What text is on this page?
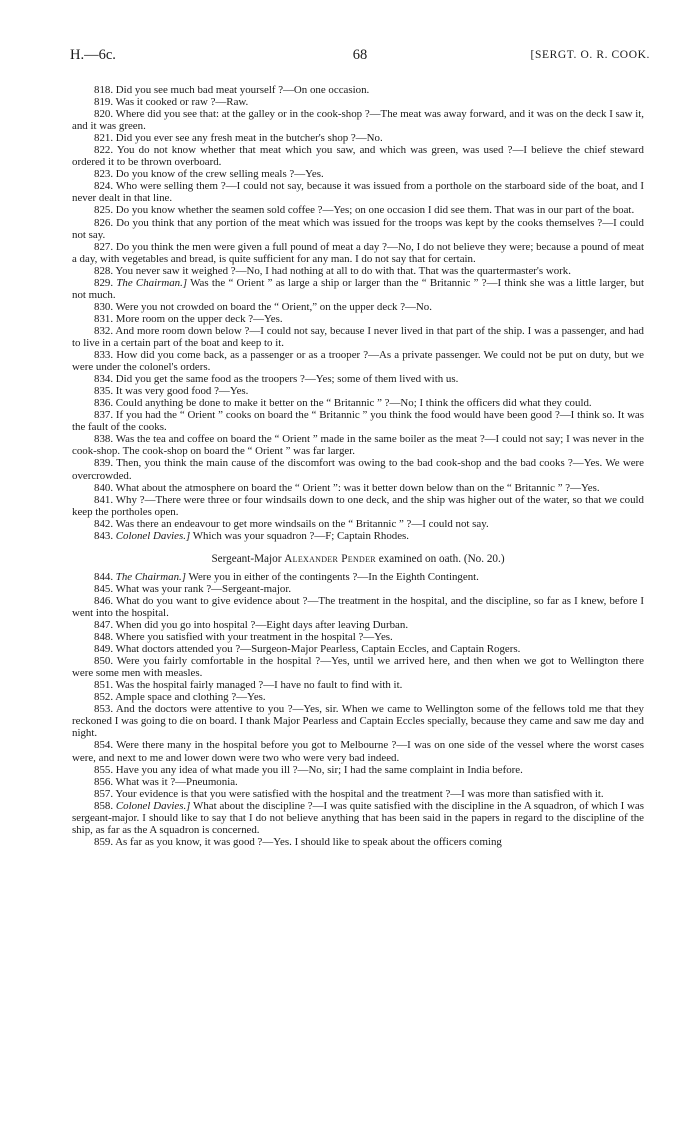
H.—6c.	68	[SERGT. O. R. COOK.

818. Did you see much bad meat yourself ?—On one occasion.

819. Was it cooked or raw ?—Raw.

820. Where did you see that: at the galley or in the cook-shop ?—The meat was away forward, and it was on the deck I saw it, and it was green.

821. Did you ever see any fresh meat in the butcher's shop ?—No.

822. You do not know whether that meat which you saw, and which was green, was used ?—I believe the chief steward ordered it to be thrown overboard.

823. Do you know of the crew selling meals ?—Yes.

824. Who were selling them ?—I could not say, because it was issued from a porthole on the starboard side of the boat, and I never dealt in that line.

825. Do you know whether the seamen sold coffee ?—Yes; on one occasion I did see them. That was in our part of the boat.

826. Do you think that any portion of the meat which was issued for the troops was kept by the cooks themselves ?—I could not say.

827. Do you think the men were given a full pound of meat a day ?—No, I do not believe they were; because a pound of meat a day, with vegetables and bread, is quite sufficient for any man. I do not say that for certain.

828. You never saw it weighed ?—No, I had nothing at all to do with that. That was the quartermaster's work.

829. The Chairman.] Was the “ Orient ” as large a ship or larger than the “ Britannic ” ?—I think she was a little larger, but not much.

830. Were you not crowded on board the “ Orient,” on the upper deck ?—No.

831. More room on the upper deck ?—Yes.

832. And more room down below ?—I could not say, because I never lived in that part of the ship. I was a passenger, and had to live in a certain part of the boat and keep to it.

833. How did you come back, as a passenger or as a trooper ?—As a private passenger. We could not be put on duty, but we were under the colonel's orders.

834. Did you get the same food as the troopers ?—Yes; some of them lived with us.

835. It was very good food ?—Yes.

836. Could anything be done to make it better on the “ Britannic ” ?—No; I think the officers did what they could.

837. If you had the “ Orient ” cooks on board the “ Britannic ” you think the food would have been good ?—I think so. It was the fault of the cooks.

838. Was the tea and coffee on board the “ Orient ” made in the same boiler as the meat ?—I could not say; I was never in the cook-shop. The cook-shop on board the “ Orient ” was far larger.

839. Then, you think the main cause of the discomfort was owing to the bad cook-shop and the bad cooks ?—Yes. We were overcrowded.

840. What about the atmosphere on board the “ Orient ”: was it better down below than on the “ Britannic ” ?—Yes.

841. Why ?—There were three or four windsails down to one deck, and the ship was higher out of the water, so that we could keep the portholes open.

842. Was there an endeavour to get more windsails on the “ Britannic ” ?—I could not say.

843. Colonel Davies.] Which was your squadron ?—F; Captain Rhodes.

Sergeant-Major Alexander Pender examined on oath. (No. 20.)

844. The Chairman.] Were you in either of the contingents ?—In the Eighth Contingent.

845. What was your rank ?—Sergeant-major.

846. What do you want to give evidence about ?—The treatment in the hospital, and the discipline, so far as I knew, before I went into the hospital.

847. When did you go into hospital ?—Eight days after leaving Durban.

848. Where you satisfied with your treatment in the hospital ?—Yes.

849. What doctors attended you ?—Surgeon-Major Pearless, Captain Eccles, and Captain Rogers.

850. Were you fairly comfortable in the hospital ?—Yes, until we arrived here, and then when we got to Wellington there were some men with measles.

851. Was the hospital fairly managed ?—I have no fault to find with it.

852. Ample space and clothing ?—Yes.

853. And the doctors were attentive to you ?—Yes, sir. When we came to Wellington some of the fellows told me that they reckoned I was going to die on board. I thank Major Pearless and Captain Eccles specially, because they came and saw me day and night.

854. Were there many in the hospital before you got to Melbourne ?—I was on one side of the vessel where the worst cases were, and next to me and lower down were two who were very bad indeed.

855. Have you any idea of what made you ill ?—No, sir; I had the same complaint in India before.

856. What was it ?—Pneumonia.

857. Your evidence is that you were satisfied with the hospital and the treatment ?—I was more than satisfied with it.

858. Colonel Davies.] What about the discipline ?—I was quite satisfied with the discipline in the A squadron, of which I was sergeant-major. I should like to say that I do not believe anything that has been said in the papers in regard to the discipline of the ship, as far as the A squadron is concerned.

859. As far as you know, it was good ?—Yes. I should like to speak about the officers coming
